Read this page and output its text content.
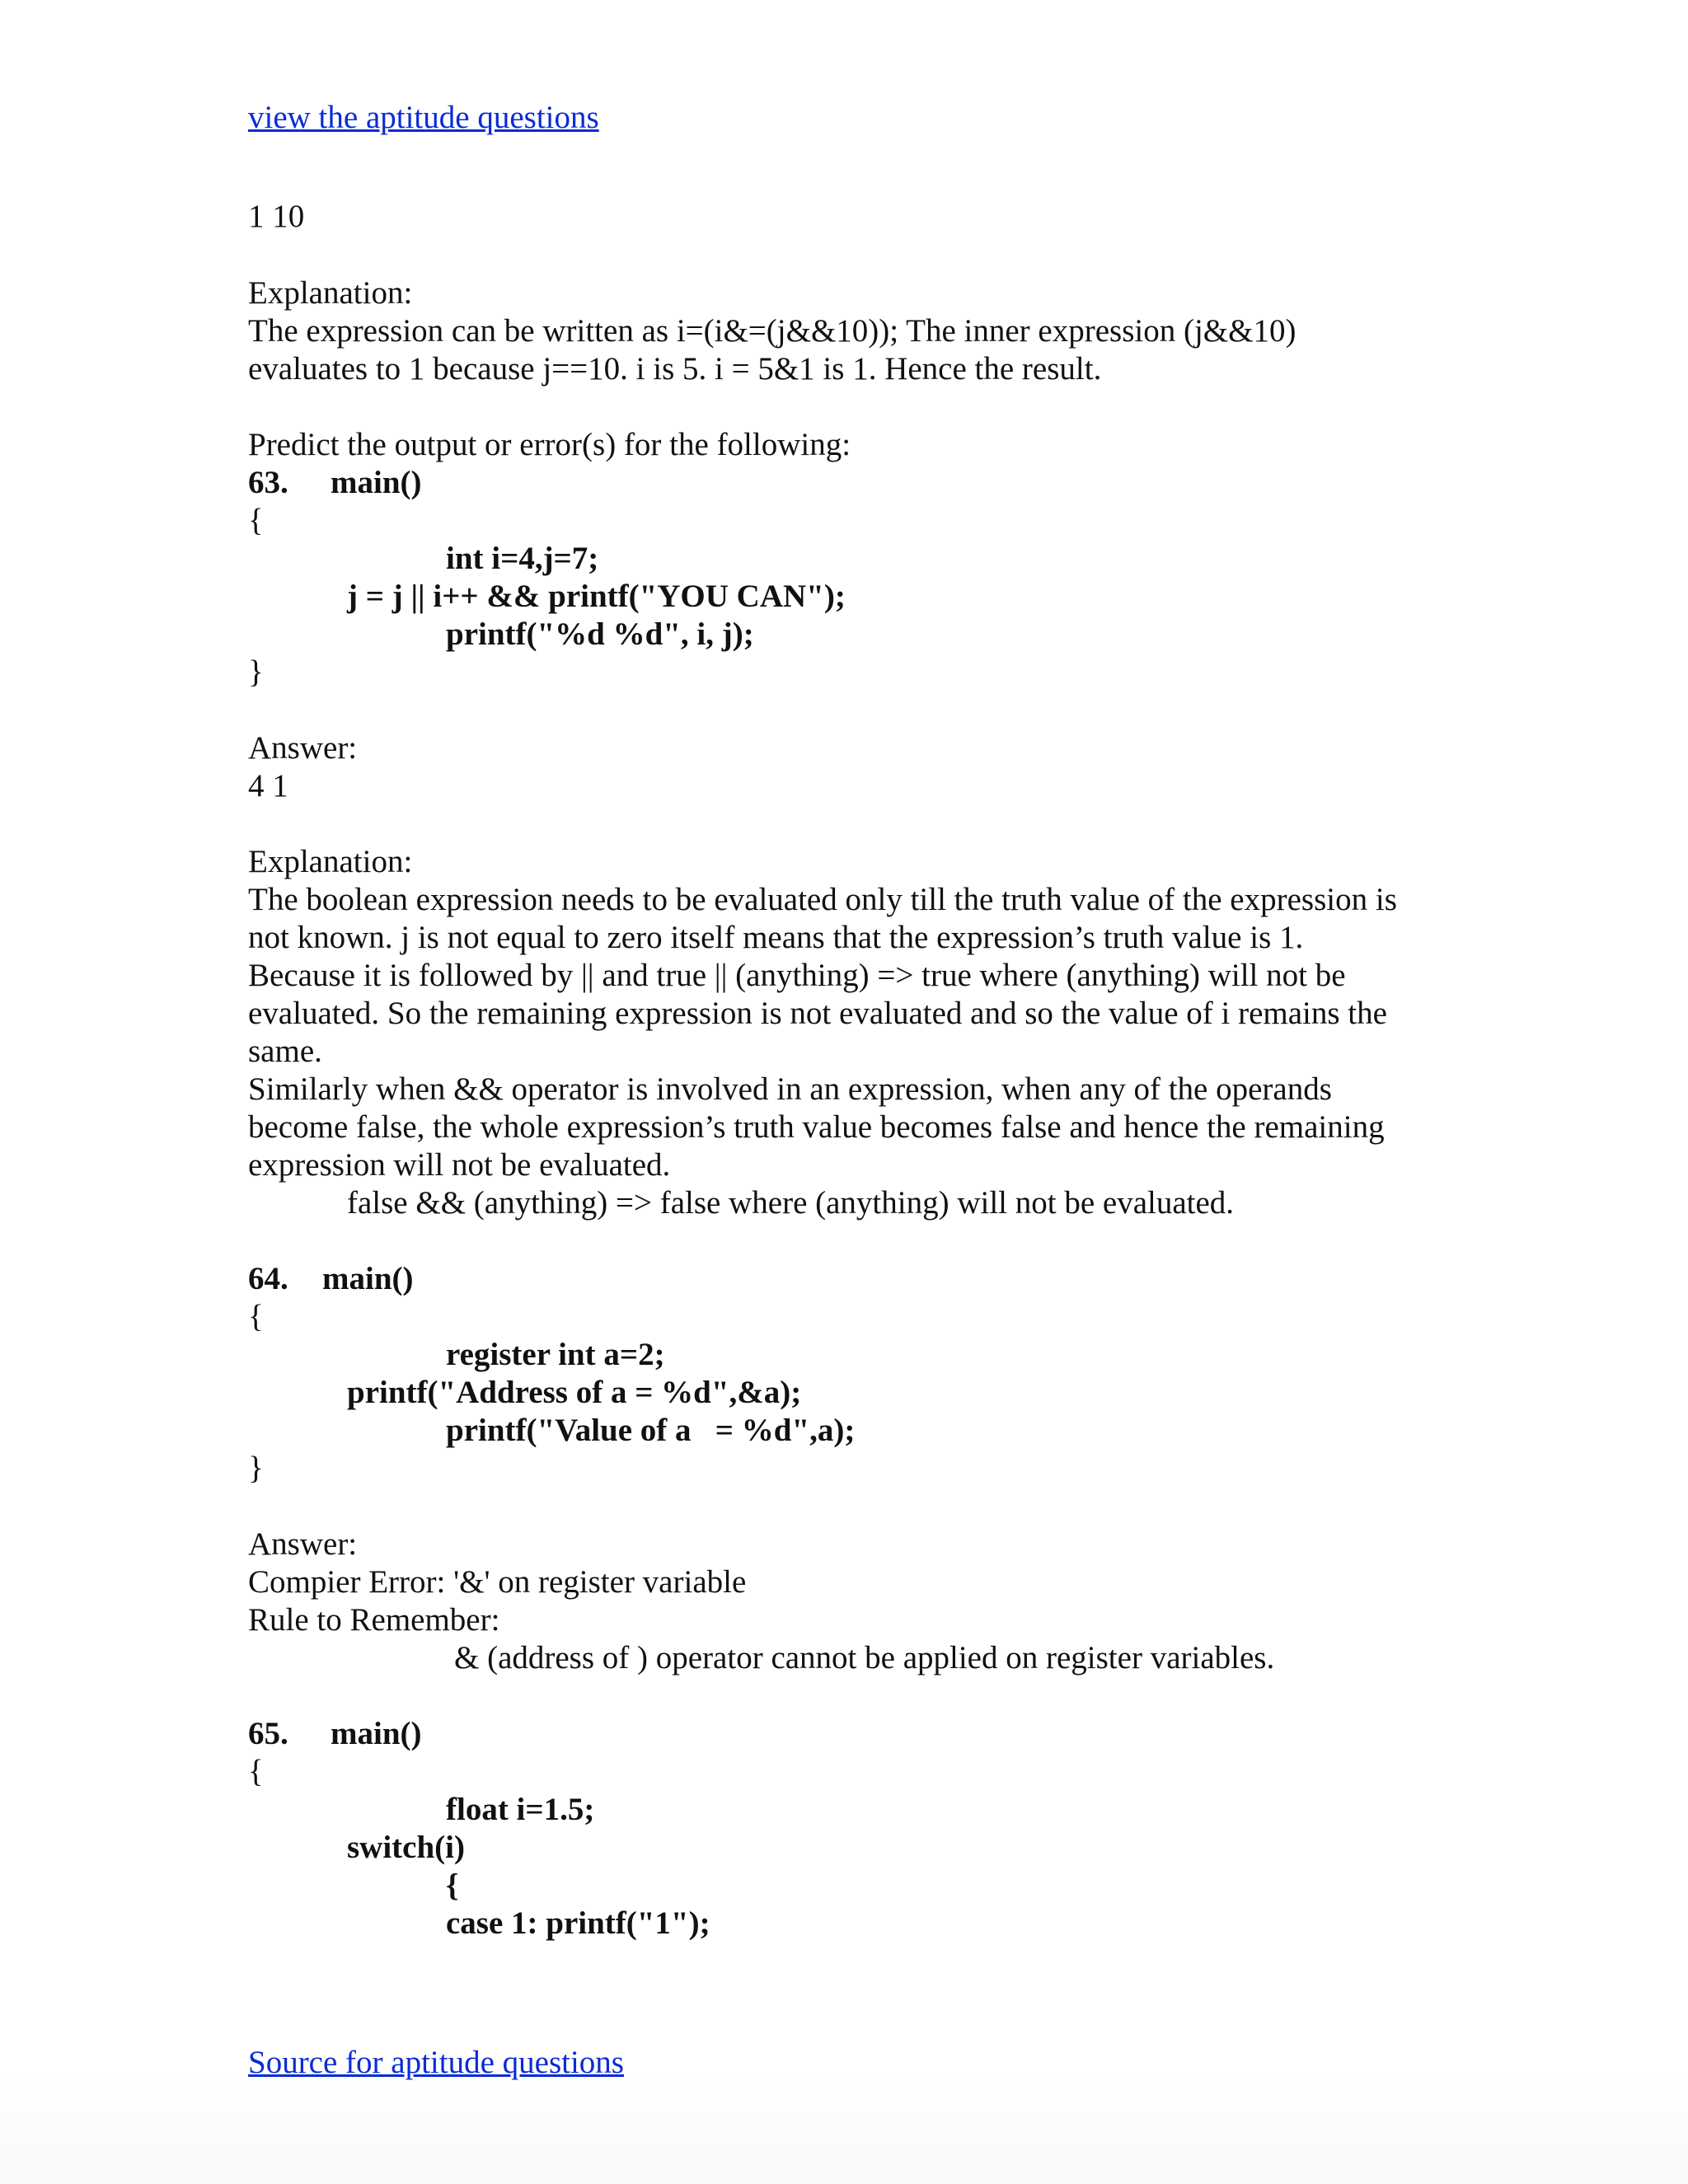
view the aptitude questions
1 10
Explanation:
The expression can be written as i=(i&=(j&&10)); The inner expression (j&&10)
evaluates to 1 because j==10. i is 5. i = 5&1 is 1. Hence the result.
Predict the output or error(s) for the following:
63. main()
{
int i=4,j=7;
j = j || i++ && printf("YOU CAN");
printf("%d %d", i, j);
}
Answer:
4 1
Explanation:
The boolean expression needs to be evaluated only till the truth value of the expression is
not known. j is not equal to zero itself means that the expression’s truth value is 1.
Because it is followed by || and true || (anything) => true where (anything) will not be
evaluated. So the remaining expression is not evaluated and so the value of i remains the
same.
Similarly when && operator is involved in an expression, when any of the operands
become false, the whole expression’s truth value becomes false and hence the remaining
expression will not be evaluated.
false && (anything) => false where (anything) will not be evaluated.
64. main()
{
register int a=2;
printf("Address of a = %d",&a);
printf("Value of a   = %d",a);
}
Answer:
Compier Error: '&' on register variable
Rule to Remember:
& (address of ) operator cannot be applied on register variables.
65. main()
{
float i=1.5;
switch(i)
{
case 1: printf("1");
Source for aptitude questions
